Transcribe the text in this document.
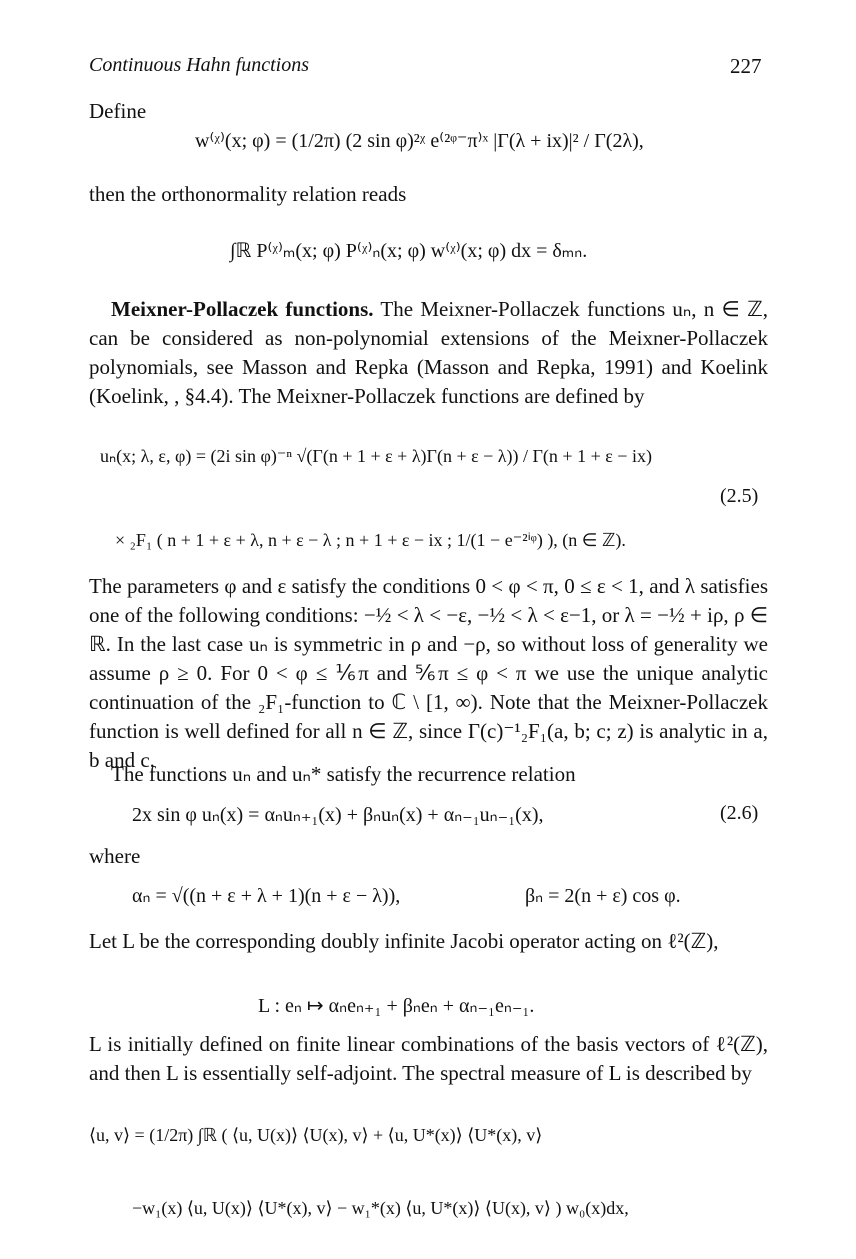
Continuous Hahn functions	227
Define
w⁽ᵡ⁾(x; φ) = (1/2π) (2 sin φ)²ᵡ e⁽²ᵠ⁻π⁾ˣ |Γ(λ + ix)|² / Γ(2λ),
then the orthonormality relation reads
∫ℝ P⁽ᵡ⁾ₘ(x; φ) P⁽ᵡ⁾ₙ(x; φ) w⁽ᵡ⁾(x; φ) dx = δₘₙ.
Meixner-Pollaczek functions. The Meixner-Pollaczek functions uₙ, n ∈ ℤ, can be considered as non-polynomial extensions of the Meixner-Pollaczek polynomials, see Masson and Repka (Masson and Repka, 1991) and Koelink (Koelink, , §4.4). The Meixner-Pollaczek functions are defined by
uₙ(x; λ, ε, φ) = (2i sin φ)⁻ⁿ √(Γ(n + 1 + ε + λ)Γ(n + ε − λ)) / Γ(n + 1 + ε − ix)
× ₂F₁ ( n + 1 + ε + λ, n + ε − λ ; n + 1 + ε − ix ; 1/(1 − e⁻²ⁱᵠ) ), (n ∈ ℤ).
(2.5)
The parameters φ and ε satisfy the conditions 0 < φ < π, 0 ≤ ε < 1, and λ satisfies one of the following conditions: −½ < λ < −ε, −½ < λ < ε−1, or λ = −½ + iρ, ρ ∈ ℝ. In the last case uₙ is symmetric in ρ and −ρ, so without loss of generality we assume ρ ≥ 0. For 0 < φ ≤ ⅙π and ⅚π ≤ φ < π we use the unique analytic continuation of the ₂F₁-function to ℂ \ [1, ∞). Note that the Meixner-Pollaczek function is well defined for all n ∈ ℤ, since Γ(c)⁻¹₂F₁(a, b; c; z) is analytic in a, b and c.
The functions uₙ and uₙ* satisfy the recurrence relation
2x sin φ uₙ(x) = αₙuₙ₊₁(x) + βₙuₙ(x) + αₙ₋₁uₙ₋₁(x),	(2.6)
where
αₙ = √((n + ε + λ + 1)(n + ε − λ)),	βₙ = 2(n + ε) cos φ.
Let L be the corresponding doubly infinite Jacobi operator acting on ℓ²(ℤ),
L : eₙ ↦ αₙeₙ₊₁ + βₙeₙ + αₙ₋₁eₙ₋₁.
L is initially defined on finite linear combinations of the basis vectors of ℓ²(ℤ), and then L is essentially self-adjoint. The spectral measure of L is described by
⟨u, v⟩ = (1/2π) ∫ℝ ( ⟨u, U(x)⟩ ⟨U(x), v⟩ + ⟨u, U*(x)⟩ ⟨U*(x), v⟩
−w₁(x) ⟨u, U(x)⟩ ⟨U*(x), v⟩ − w₁*(x) ⟨u, U*(x)⟩ ⟨U(x), v⟩ ) w₀(x)dx,
